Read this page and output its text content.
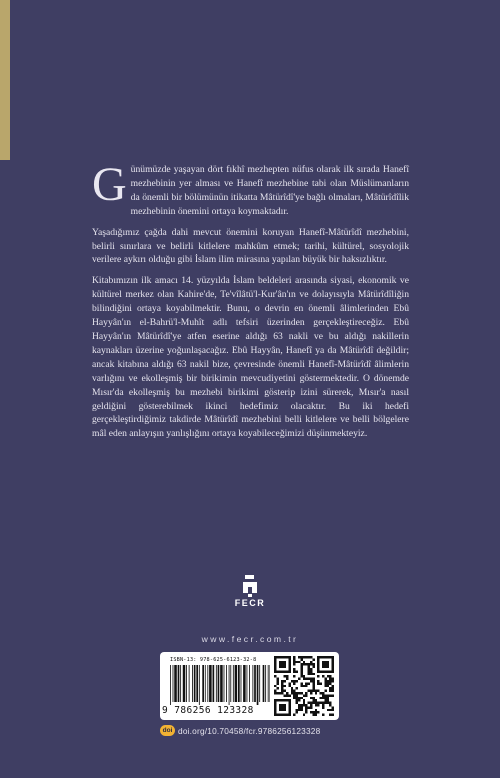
Günümüzde yaşayan dört fıkhî mezhepten nüfus olarak ilk sırada Hanefî mezhebinin yer alması ve Hanefî mezhebine tabi olan Müslümanların da önemli bir bölümünün itikatta Mâtürîdî'ye bağlı olmaları, Mâtürîdîlik mezhebinin önemini ortaya koymaktadır.

Yaşadığımız çağda dahi mevcut önemini koruyan Hanefî-Mâtürîdî mezhebini, belirli sınırlara ve belirli kitlelere mahkûm etmek; tarihi, kültürel, sosyolojik verilere aykırı olduğu gibi İslam ilim mirasına yapılan büyük bir haksızlıktır.

Kitabımızın ilk amacı 14. yüzyılda İslam beldeleri arasında siyasi, ekonomik ve kültürel merkez olan Kahire'de, Te'vîlâtü'l-Kur'ân'ın ve dolayısıyla Mâtürîdîliğin bilindiğini ortaya koyabilmektir. Bunu, o devrin en önemli âlimlerinden Ebû Hayyân'ın el-Bahrü'l-Muhît adlı tefsiri üzerinden gerçekleştireceğiz. Ebû Hayyân'ın Mâtürîdî'ye atfen eserine aldığı 63 nakli ve bu aldığı nakillerin kaynakları üzerine yoğunlaşacağız. Ebû Hayyân, Hanefî ya da Mâtürîdî değildir; ancak kitabına aldığı 63 nakil bize, çevresinde önemli Hanefî-Mâtürîdî âlimlerin varlığını ve ekolleşmiş bir birikimin mevcudiyetini göstermektedir. O dönemde Mısır'da ekolleşmiş bu mezhebi birikimi gösterip izini sürerek, Mısır'a nasıl geldiğini gösterebilmek ikinci hedefimiz olacaktır. Bu iki hedefi gerçekleştirdiğimiz takdirde Mâtürîdî mezhebini belli kitlelere ve belli bölgelere mâl eden anlayışın yanlışlığını ortaya koyabileceğimizi düşünmekteyiz.

FECR
www.fecr.com.tr
ISBN-13: 978-625-6123-32-8
9 786256 123328
doi doi.org/10.70458/fcr.9786256123328
